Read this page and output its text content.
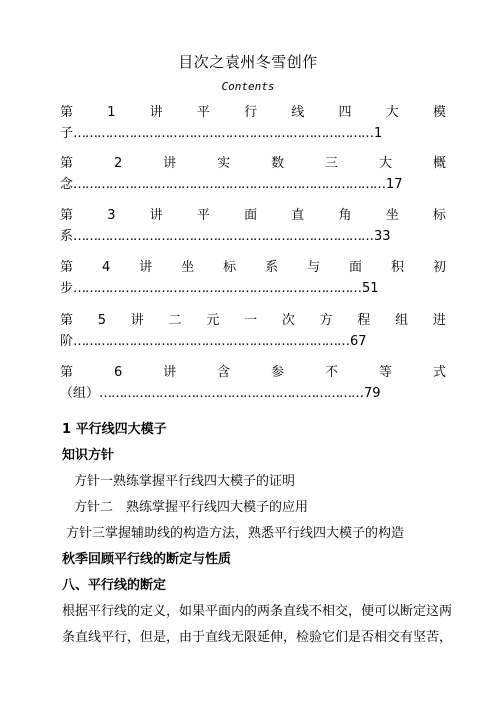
目次之袁州冬雪创作
Contents
第	1	讲	平	行	线	四	大	模
子…………………………………………………………………1
第	2	讲	实	数	三	大	概
念……………………………………………………………………17
第	3	讲	平	面	直	角	坐	标
系…………………………………………………………………33
第 4 讲 坐 标 系 与 面 积 初
步………………………………………………………………51
第 5 讲 二 元 一 次 方 程 组 进
阶……………………………………………………………67
第	6	讲	含	参	不	等	式
（组）…………………………………………………………79
1 平行线四大模子
知识方针
方针一熟练掌握平行线四大模子的证明
方针二　熟练掌握平行线四大模子的应用
方针三掌握辅助线的构造方法，熟悉平行线四大模子的构造
秋季回顾平行线的断定与性质
八、平行线的断定
根据平行线的定义，如果平面内的两条直线不相交，便可以断定这两
条直线平行，但是，由于直线无限延伸，检验它们是否相交有坚苦，
